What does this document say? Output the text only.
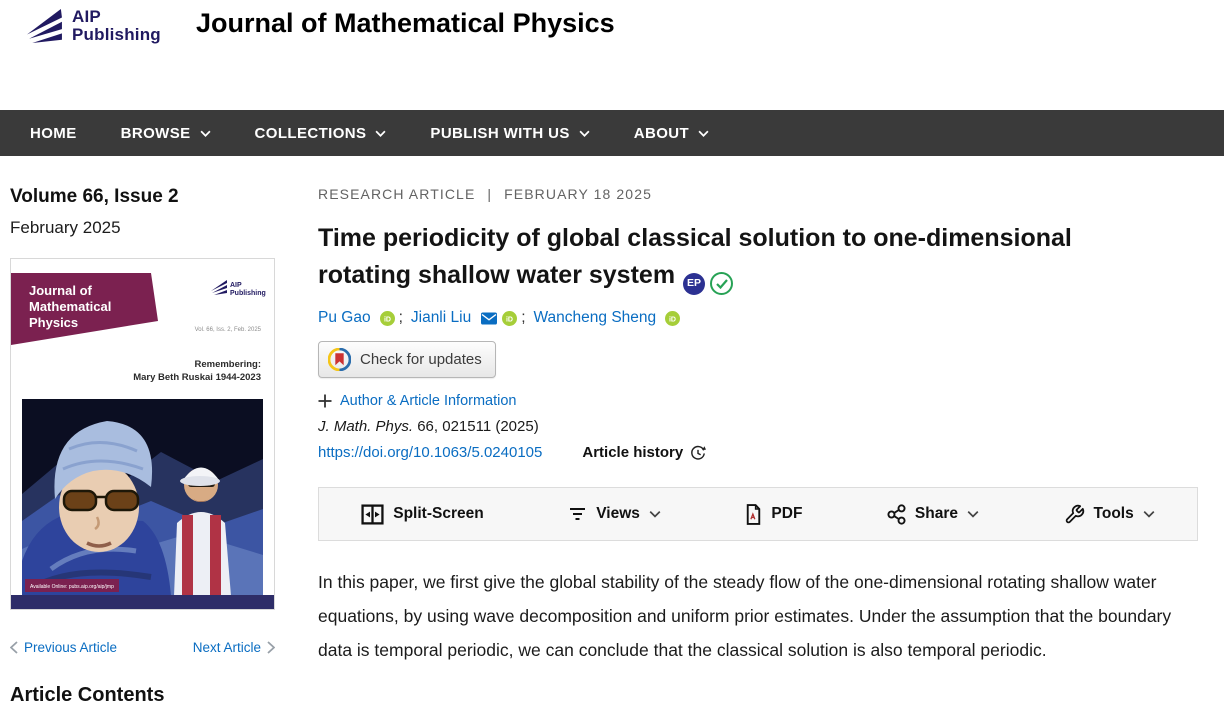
AIP
Publishing Journal of Mathematical Physics
HOME	BROWSE	COLLECTIONS	PUBLISH WITH US	ABOUT
Volume 66, Issue 2
February 2025
Journal of
Mathematical
Physics
AIP
Publishing
Vol. 66, Iss. 2, Feb. 2025
Remembering:
Mary Beth Ruskai 1944-2023
Available Online: pubs.aip.org/aip/jmp
Previous Article	Next Article
Article Contents
RESEARCH ARTICLE | FEBRUARY 18 2025
Time periodicity of global classical solution to one-dimensional rotating shallow water system	EP
Pu Gao iD ; Jianli Liu	iD ; Wancheng Sheng iD
Check for updates
Author & Article Information
J. Math. Phys. 66, 021511 (2025)
https://doi.org/10.1063/5.0240105	Article history
Split-Screen	Views	PDF	Share	Tools

In this paper, we first give the global stability of the steady flow of the one-dimensional rotating shallow water equations, by using wave decomposition and uniform prior estimates. Under the assumption that the boundary data is temporal periodic, we can conclude that the classical solution is also temporal periodic.
